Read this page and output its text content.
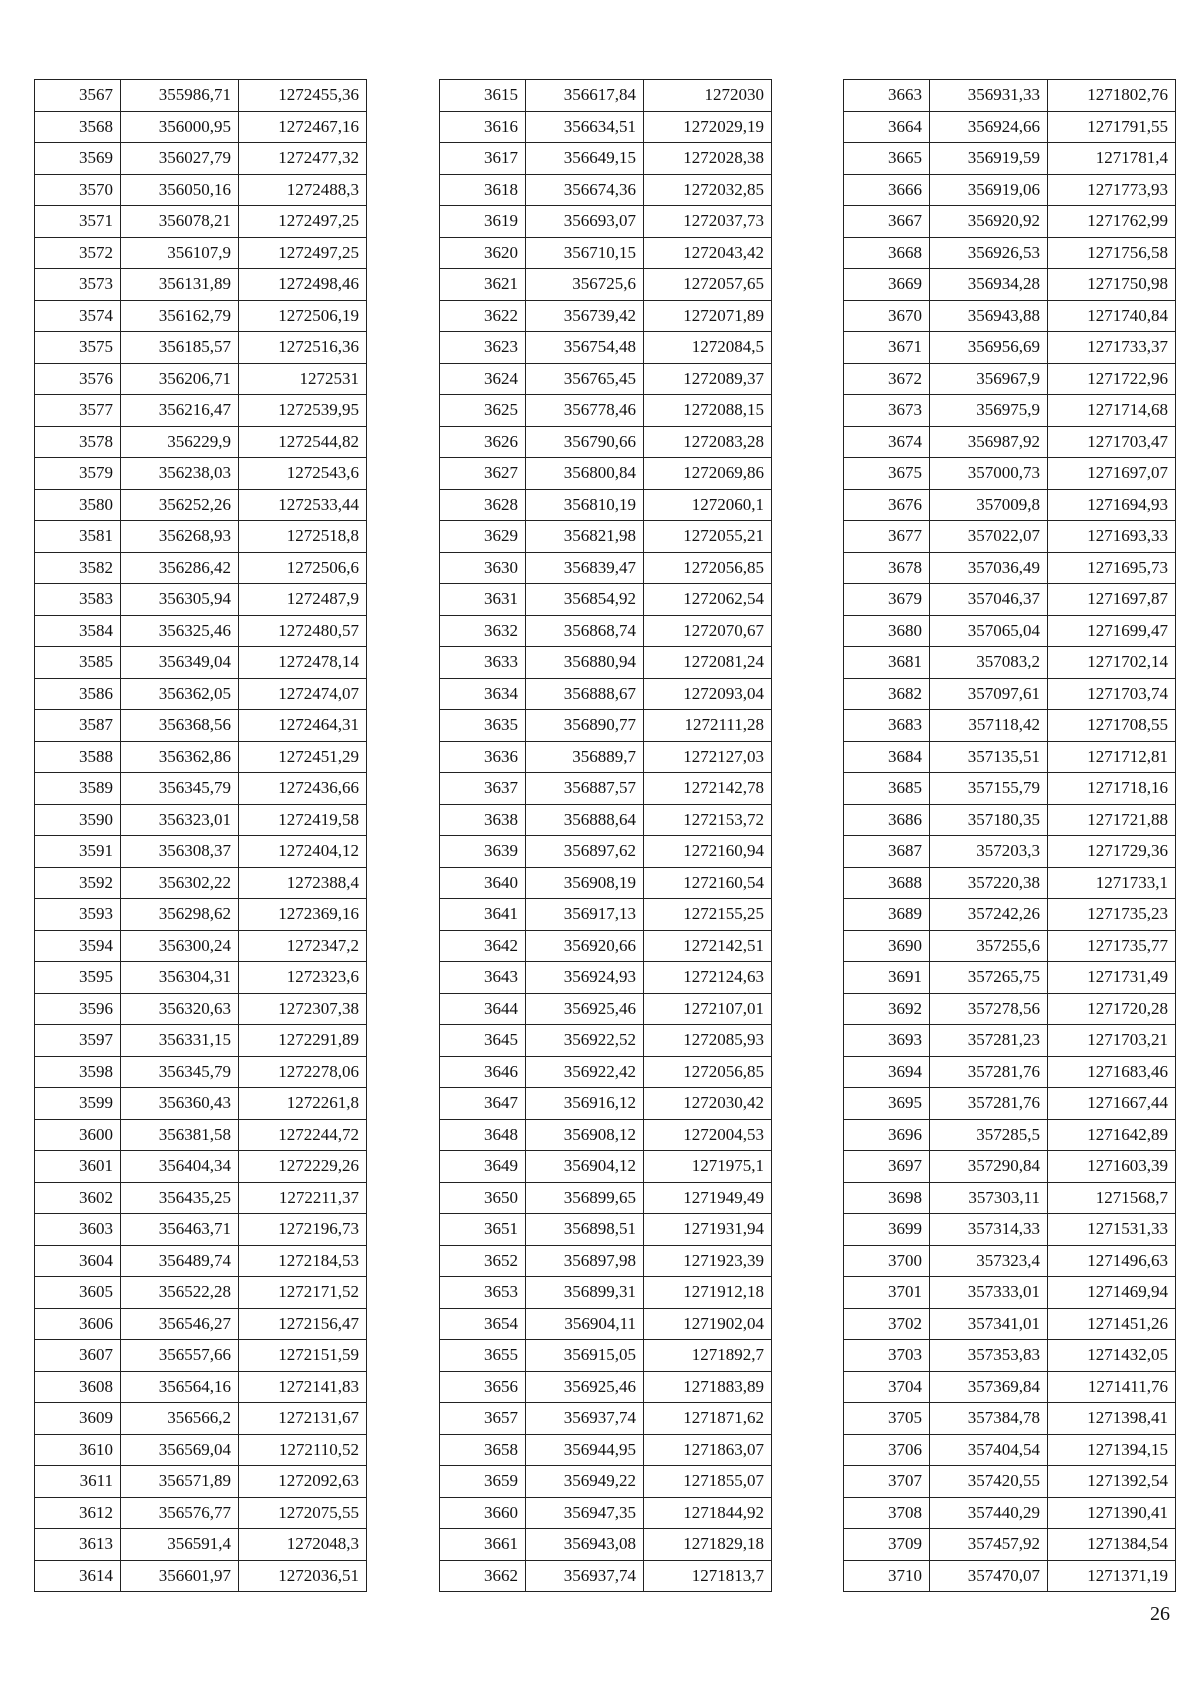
3567	355986,71	1272455,36
3568	356000,95	1272467,16
3569	356027,79	1272477,32
3570	356050,16	1272488,3
3571	356078,21	1272497,25
3572	356107,9	1272497,25
3573	356131,89	1272498,46
3574	356162,79	1272506,19
3575	356185,57	1272516,36
3576	356206,71	1272531
3577	356216,47	1272539,95
3578	356229,9	1272544,82
3579	356238,03	1272543,6
3580	356252,26	1272533,44
3581	356268,93	1272518,8
3582	356286,42	1272506,6
3583	356305,94	1272487,9
3584	356325,46	1272480,57
3585	356349,04	1272478,14
3586	356362,05	1272474,07
3587	356368,56	1272464,31
3588	356362,86	1272451,29
3589	356345,79	1272436,66
3590	356323,01	1272419,58
3591	356308,37	1272404,12
3592	356302,22	1272388,4
3593	356298,62	1272369,16
3594	356300,24	1272347,2
3595	356304,31	1272323,6
3596	356320,63	1272307,38
3597	356331,15	1272291,89
3598	356345,79	1272278,06
3599	356360,43	1272261,8
3600	356381,58	1272244,72
3601	356404,34	1272229,26
3602	356435,25	1272211,37
3603	356463,71	1272196,73
3604	356489,74	1272184,53
3605	356522,28	1272171,52
3606	356546,27	1272156,47
3607	356557,66	1272151,59
3608	356564,16	1272141,83
3609	356566,2	1272131,67
3610	356569,04	1272110,52
3611	356571,89	1272092,63
3612	356576,77	1272075,55
3613	356591,4	1272048,3
3614	356601,97	1272036,51
3615	356617,84	1272030
3616	356634,51	1272029,19
3617	356649,15	1272028,38
3618	356674,36	1272032,85
3619	356693,07	1272037,73
3620	356710,15	1272043,42
3621	356725,6	1272057,65
3622	356739,42	1272071,89
3623	356754,48	1272084,5
3624	356765,45	1272089,37
3625	356778,46	1272088,15
3626	356790,66	1272083,28
3627	356800,84	1272069,86
3628	356810,19	1272060,1
3629	356821,98	1272055,21
3630	356839,47	1272056,85
3631	356854,92	1272062,54
3632	356868,74	1272070,67
3633	356880,94	1272081,24
3634	356888,67	1272093,04
3635	356890,77	1272111,28
3636	356889,7	1272127,03
3637	356887,57	1272142,78
3638	356888,64	1272153,72
3639	356897,62	1272160,94
3640	356908,19	1272160,54
3641	356917,13	1272155,25
3642	356920,66	1272142,51
3643	356924,93	1272124,63
3644	356925,46	1272107,01
3645	356922,52	1272085,93
3646	356922,42	1272056,85
3647	356916,12	1272030,42
3648	356908,12	1272004,53
3649	356904,12	1271975,1
3650	356899,65	1271949,49
3651	356898,51	1271931,94
3652	356897,98	1271923,39
3653	356899,31	1271912,18
3654	356904,11	1271902,04
3655	356915,05	1271892,7
3656	356925,46	1271883,89
3657	356937,74	1271871,62
3658	356944,95	1271863,07
3659	356949,22	1271855,07
3660	356947,35	1271844,92
3661	356943,08	1271829,18
3662	356937,74	1271813,7
3663	356931,33	1271802,76
3664	356924,66	1271791,55
3665	356919,59	1271781,4
3666	356919,06	1271773,93
3667	356920,92	1271762,99
3668	356926,53	1271756,58
3669	356934,28	1271750,98
3670	356943,88	1271740,84
3671	356956,69	1271733,37
3672	356967,9	1271722,96
3673	356975,9	1271714,68
3674	356987,92	1271703,47
3675	357000,73	1271697,07
3676	357009,8	1271694,93
3677	357022,07	1271693,33
3678	357036,49	1271695,73
3679	357046,37	1271697,87
3680	357065,04	1271699,47
3681	357083,2	1271702,14
3682	357097,61	1271703,74
3683	357118,42	1271708,55
3684	357135,51	1271712,81
3685	357155,79	1271718,16
3686	357180,35	1271721,88
3687	357203,3	1271729,36
3688	357220,38	1271733,1
3689	357242,26	1271735,23
3690	357255,6	1271735,77
3691	357265,75	1271731,49
3692	357278,56	1271720,28
3693	357281,23	1271703,21
3694	357281,76	1271683,46
3695	357281,76	1271667,44
3696	357285,5	1271642,89
3697	357290,84	1271603,39
3698	357303,11	1271568,7
3699	357314,33	1271531,33
3700	357323,4	1271496,63
3701	357333,01	1271469,94
3702	357341,01	1271451,26
3703	357353,83	1271432,05
3704	357369,84	1271411,76
3705	357384,78	1271398,41
3706	357404,54	1271394,15
3707	357420,55	1271392,54
3708	357440,29	1271390,41
3709	357457,92	1271384,54
3710	357470,07	1271371,19
26
